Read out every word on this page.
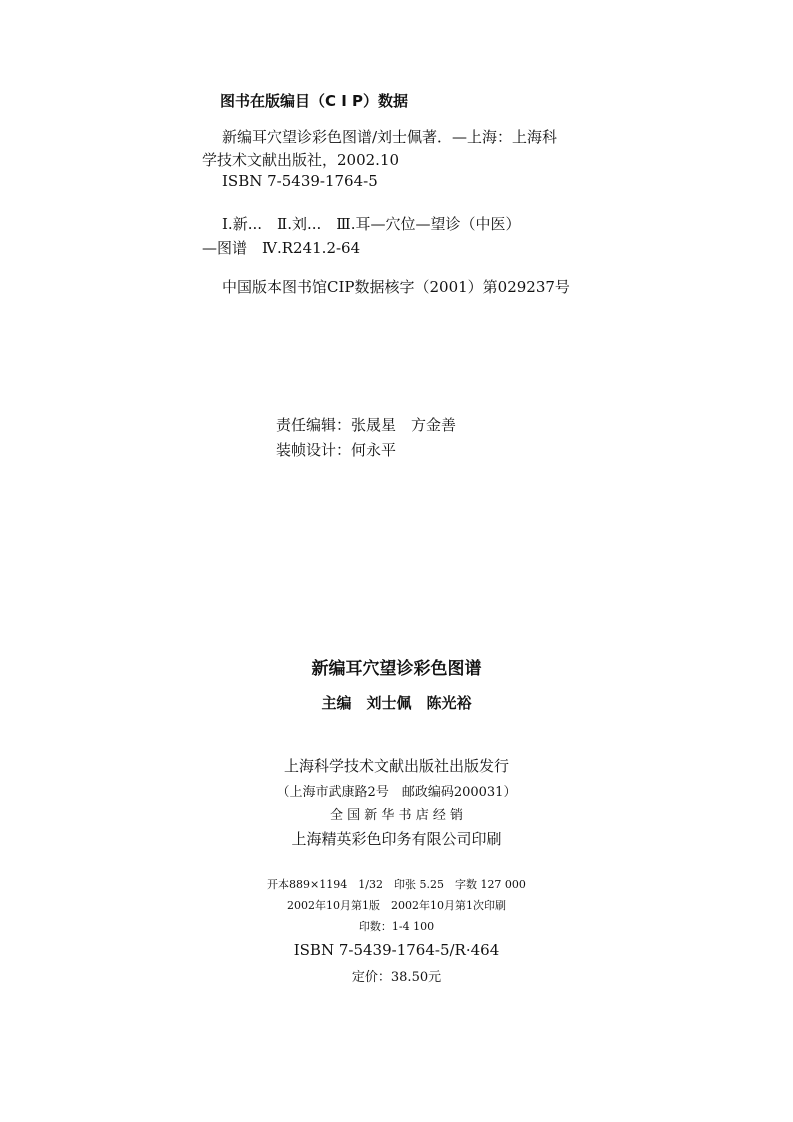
图书在版编目（C I P）数据
新编耳穴望诊彩色图谱/刘士佩著．—上海：上海科
学技术文献出版社，2002.10
ISBN 7-5439-1764-5
Ⅰ.新...　Ⅱ.刘...　Ⅲ.耳—穴位—望诊（中医）
—图谱　Ⅳ.R241.2-64
中国版本图书馆CIP数据核字（2001）第029237号
责任编辑：张晟星　方金善
装帧设计：何永平
新编耳穴望诊彩色图谱
主编　刘士佩　陈光裕
上海科学技术文献出版社出版发行
（上海市武康路2号　邮政编码200031）
全 国 新 华 书 店 经 销
上海精英彩色印务有限公司印刷
开本889×1194　1/32　印张 5.25　字数 127 000
2002年10月第1版　2002年10月第1次印刷
印数：1-4 100
ISBN 7-5439-1764-5/R·464
定价：38.50元
